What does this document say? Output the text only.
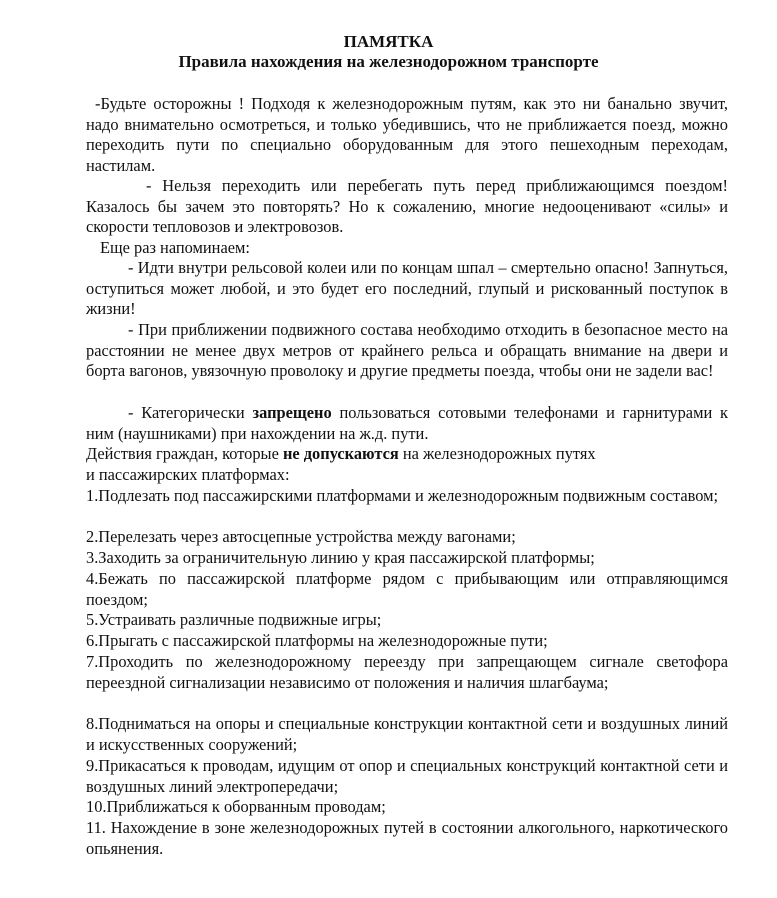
ПАМЯТКА
Правила нахождения на железнодорожном транспорте
-Будьте осторожны ! Подходя к железнодорожным путям, как это ни банально звучит, надо внимательно осмотреться, и только убедившись, что не приближается поезд, можно переходить пути по специально оборудованным для этого пешеходным переходам, настилам.
- Нельзя переходить или перебегать путь перед приближающимся поездом! Казалось бы зачем это повторять? Но к сожалению, многие недооценивают «силы» и скорости тепловозов и электровозов.
Еще раз напоминаем:
- Идти внутри рельсовой колеи или по концам шпал – смертельно опасно! Запнуться, оступиться может любой, и это будет его последний, глупый и рискованный поступок в жизни!
- При приближении подвижного состава необходимо отходить в безопасное место на расстоянии не менее двух метров от крайнего рельса и обращать внимание на двери и борта вагонов, увязочную проволоку и другие предметы поезда, чтобы они не задели вас!
- Категорически запрещено пользоваться сотовыми телефонами и гарнитурами к ним (наушниками) при нахождении на ж.д. пути.
Действия граждан, которые не допускаются на железнодорожных путях
и пассажирских платформах:
1.Подлезать под пассажирскими платформами и железнодорожным подвижным составом;
2.Перелезать через автосцепные устройства между вагонами;
3.Заходить за ограничительную линию у края пассажирской платформы;
4.Бежать по пассажирской платформе рядом с прибывающим или отправляющимся поездом;
5.Устраивать различные подвижные игры;
6.Прыгать с пассажирской платформы на железнодорожные пути;
7.Проходить по железнодорожному переезду при запрещающем сигнале светофора переездной сигнализации независимо от положения и наличия шлагбаума;
8.Подниматься на опоры и специальные конструкции контактной сети и воздушных линий и искусственных сооружений;
9.Прикасаться к проводам, идущим от опор и специальных конструкций контактной сети и воздушных линий электропередачи;
10.Приближаться к оборванным проводам;
11. Нахождение в зоне железнодорожных путей в состоянии алкогольного, наркотического опьянения.
